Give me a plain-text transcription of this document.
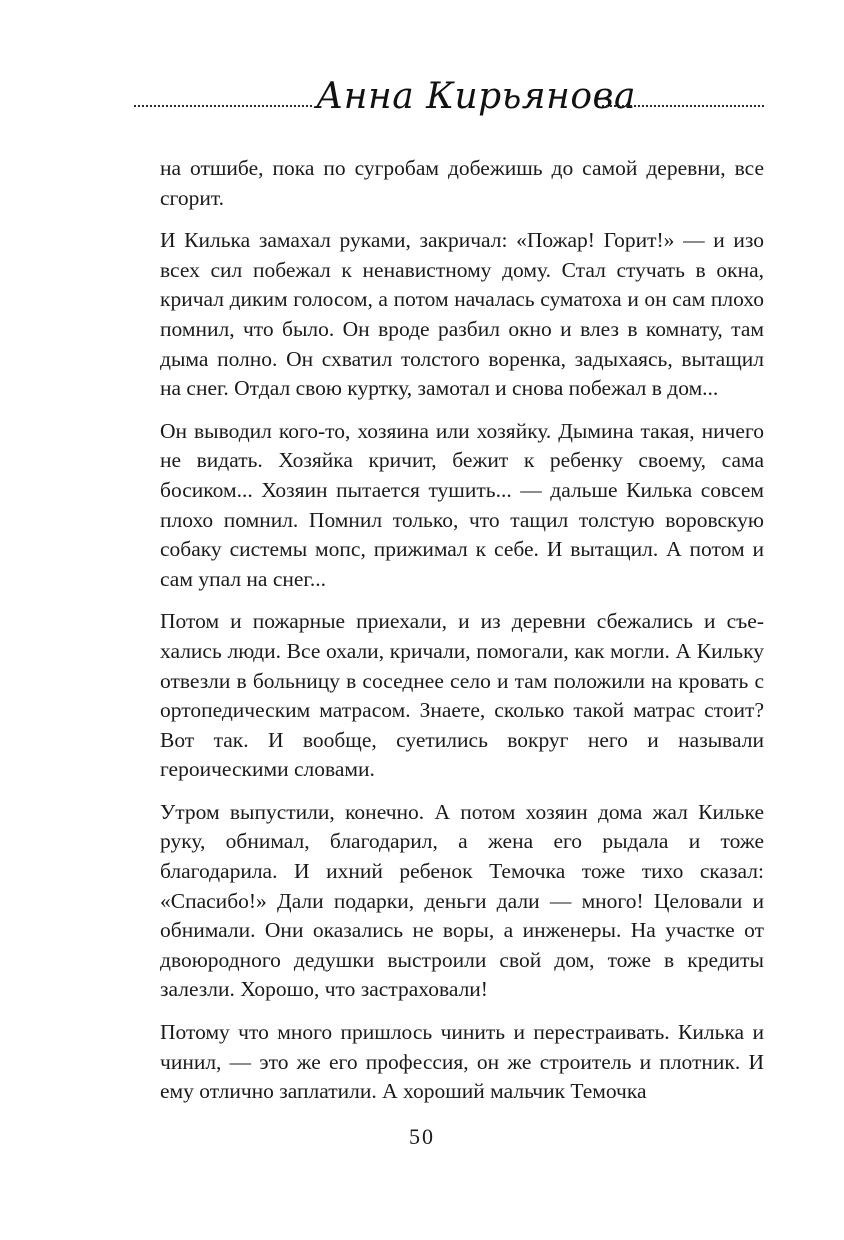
Анна Кирьянова

на отшибе, пока по сугробам добежишь до самой деревни, все сгорит.

И Килька замахал руками, закричал: «Пожар! Горит!» — и изо всех сил побежал к ненавистному дому. Стал стучать в окна, кричал диким голосом, а потом началась суматоха и он сам плохо помнил, что было. Он вроде разбил окно и влез в комнату, там дыма полно. Он схватил толстого воренка, задыхаясь, вытащил на снег. Отдал свою куртку, замотал и снова побежал в дом...

Он выводил кого-то, хозяина или хозяйку. Дымина такая, ничего не видать. Хозяйка кричит, бежит к ребенку своему, сама босиком... Хозяин пытается тушить... — дальше Килька совсем плохо помнил. Помнил только, что тащил толстую воровскую собаку системы мопс, прижимал к себе. И вытащил. А потом и сам упал на снег...

Потом и пожарные приехали, и из деревни сбежались и съехались люди. Все охали, кричали, помогали, как могли. А Кильку отвезли в больницу в соседнее село и там положили на кровать с ортопедическим матрасом. Знаете, сколько такой матрас стоит? Вот так. И вообще, суетились вокруг него и называли героическими словами.

Утром выпустили, конечно. А потом хозяин дома жал Кильке руку, обнимал, благодарил, а жена его рыдала и тоже благодарила. И ихний ребенок Темочка тоже тихо сказал: «Спасибо!» Дали подарки, деньги дали — много! Целовали и обнимали. Они оказались не воры, а инженеры. На участке от двоюродного дедушки выстроили свой дом, тоже в кредиты залезли. Хорошо, что застраховали!

Потому что много пришлось чинить и перестраивать. Килька и чинил, — это же его профессия, он же строитель и плотник. И ему отлично заплатили. А хороший мальчик Темочка

50
